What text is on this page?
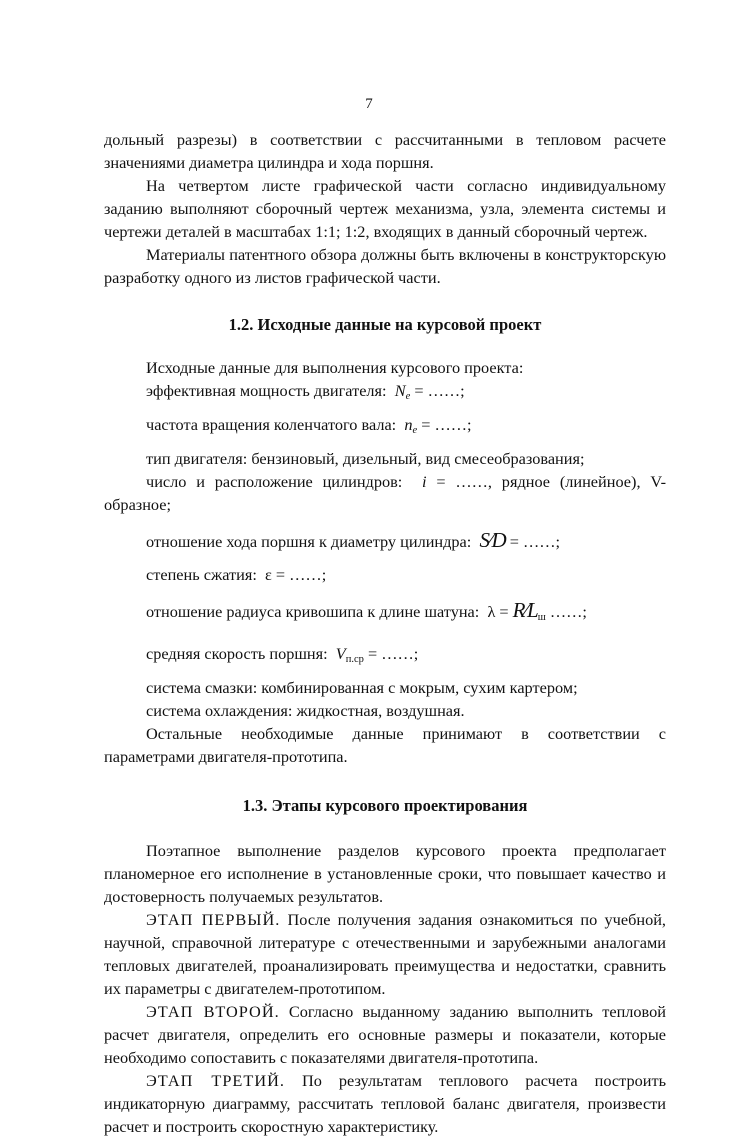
7

дольный разрезы) в соответствии с рассчитанными в тепловом расчете значениями диаметра цилиндра и хода поршня.

На четвертом листе графической части согласно индивидуальному заданию выполняют сборочный чертеж механизма, узла, элемента системы и чертежи деталей в масштабах 1:1; 1:2, входящих в данный сборочный чертеж.

Материалы патентного обзора должны быть включены в конструкторскую разработку одного из листов графической части.

1.2. Исходные данные на курсовой проект

Исходные данные для выполнения курсового проекта:

эффективная мощность двигателя: $N_e$ = ……;

частота вращения коленчатого вала: $n_e$ = ……;

тип двигателя: бензиновый, дизельный, вид смесеобразования;

число и расположение цилиндров: i = ……, рядное (линейное), V-образное;

отношение хода поршня к диаметру цилиндра: S⁄D = ……;

степень сжатия: ε = ……;

отношение радиуса кривошипа к длине шатуна: $\lambda = R⁄L_ш$ ……;

средняя скорость поршня: $V_{п.ср}$ = ……;

система смазки: комбинированная с мокрым, сухим картером;

система охлаждения: жидкостная, воздушная.

Остальные необходимые данные принимают в соответствии с параметрами двигателя-прототипа.

1.3. Этапы курсового проектирования

Поэтапное выполнение разделов курсового проекта предполагает планомерное его исполнение в установленные сроки, что повышает качество и достоверность получаемых результатов.

ЭТАП ПЕРВЫЙ. После получения задания ознакомиться по учебной, научной, справочной литературе с отечественными и зарубежными аналогами тепловых двигателей, проанализировать преимущества и недостатки, сравнить их параметры с двигателем-прототипом.

ЭТАП ВТОРОЙ. Согласно выданному заданию выполнить тепловой расчет двигателя, определить его основные размеры и показатели, которые необходимо сопоставить с показателями двигателя-прототипа.

ЭТАП ТРЕТИЙ. По результатам теплового расчета построить индикаторную диаграмму, рассчитать тепловой баланс двигателя, произвести расчет и построить скоростную характеристику.
